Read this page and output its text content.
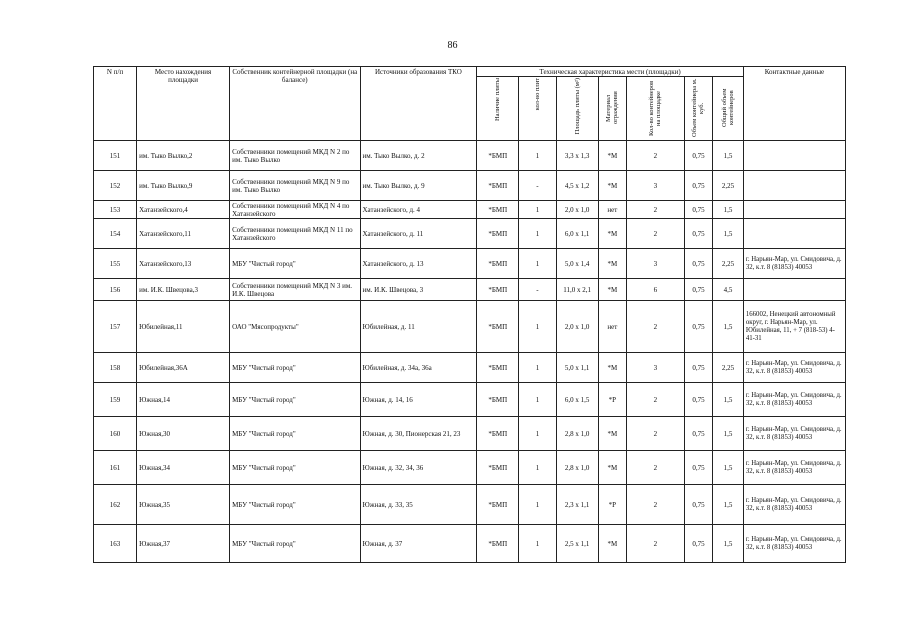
86
N п/п	Место нахождения площадки	Собственник контейнерной площадки (на балансе)	Источники образования ТКО	Техническая характеристика мести (площадки)							Контактные данные
				Наличие плиты	кол-во плит	Площадь плиты (м²)	Материал ограждения	Кол-во контейнеров на площадке	Объем контейнера м. куб.	Общий объем контейнеров	
151	им. Тыко Вылко,2	Собственники помещений МКД N 2 по им. Тыко Вылко	им. Тыко Вылко, д. 2	*БМП	1	3,3 x 1,3	*М	2	0,75	1,5	
152	им. Тыко Вылко,9	Собственники помещений МКД N 9 по им. Тыко Вылко	им. Тыко Вылко, д. 9	*БМП	-	4,5 x 1,2	*М	3	0,75	2,25	
153	Хатанзейского,4	Собственники помещений МКД N 4 по Хатанзейского	Хатанзейского, д. 4	*БМП	1	2,0 x 1,0	нет	2	0,75	1,5	
154	Хатанзейского,11	Собственники помещений МКД N 11 по Хатанзейского	Хатанзейского, д. 11	*БМП	1	6,0 x 1,1	*М	2	0,75	1,5	
155	Хатанзейского,13	МБУ "Чистый город"	Хатанзейского, д. 13	*БМП	1	5,0 x 1,4	*М	3	0,75	2,25	г. Нарьян-Мар, ул. Смидовича, д. 32, к.т. 8 (81853) 40053
156	им. И.К. Швецова,3	Собственники помещений МКД N 3 им. И.К. Швецова	им. И.К. Швецова, 3	*БМП	-	11,0 x 2,1	*М	6	0,75	4,5	
157	Юбилейная,11	ОАО "Мясопродукты"	Юбилейная, д. 11	*БМП	1	2,0 x 1,0	нет	2	0,75	1,5	166002, Ненецкий автономный округ, г. Нарьян-Мар, ул. Юбилейная, 11, + 7 (818-53) 4-41-31
158	Юбилейная,36А	МБУ "Чистый город"	Юбилейная, д. 34а, 36а	*БМП	1	5,0 x 1,1	*М	3	0,75	2,25	г. Нарьян-Мар, ул. Смидовича, д. 32, к.т. 8 (81853) 40053
159	Южная,14	МБУ "Чистый город"	Южная, д. 14, 16	*БМП	1	6,0 x 1,5	*Р	2	0,75	1,5	г. Нарьян-Мар, ул. Смидовича, д. 32, к.т. 8 (81853) 40053
160	Южная,30	МБУ "Чистый город"	Южная, д. 30, Пионерская 21, 23	*БМП	1	2,8 x 1,0	*М	2	0,75	1,5	г. Нарьян-Мар, ул. Смидовича, д. 32, к.т. 8 (81853) 40053
161	Южная,34	МБУ "Чистый город"	Южная, д. 32, 34, 36	*БМП	1	2,8 x 1,0	*М	2	0,75	1,5	г. Нарьян-Мар, ул. Смидовича, д. 32, к.т. 8 (81853) 40053
162	Южная,35	МБУ "Чистый город"	Южная, д. 33, 35	*БМП	1	2,3 x 1,1	*Р	2	0,75	1,5	г. Нарьян-Мар, ул. Смидовича, д. 32, к.т. 8 (81853) 40053
163	Южная,37	МБУ "Чистый город"	Южная, д. 37	*БМП	1	2,5 x 1,1	*М	2	0,75	1,5	г. Нарьян-Мар, ул. Смидовича, д. 32, к.т. 8 (81853) 40053
